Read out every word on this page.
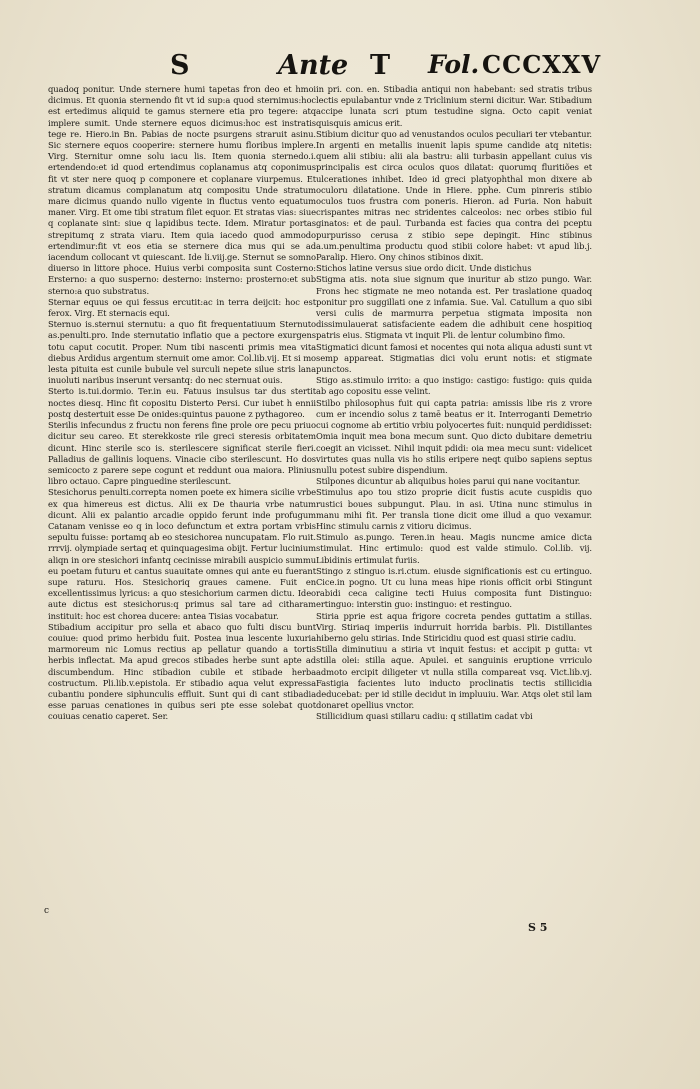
S	Ante T Fol. CCCXXV

quadoq ponitur. Unde sternere humi tapetas fron deo et hmoi dicimus. Et quonia sternendo fit vt id sup:a quod sternimus:hoc est ertedimus aliquid te gamus sternere etia pro tegere: atq implere sumit. Unde sternere equos dicimus:hoc est instratis tege re. Hiero.in Bn. Pabias de nocte psurgens straruit asinu. Sic sternere equos cooperire: sternere humu floribus implere. Virg. Sternitur omne solu iacu lis. Item quonia sternedo.i. ertendendo:et id quod ertendimus coplanamus atq coponimus fit vt ster nere quoq p componere et coplanare viurpemus. Et stratum dicamus complanatum atq compositu Unde stratum mare dicimus quando nullo vigente in fluctus vento equatum maner. Virg. Et ome tibi stratum filet equor. Et stratas vias: siue q coplanate sint: siue q lapidibus tecte. Idem. Miratur portas strepitumq z strata viaru. Item quia iacedo quod ammodo ertendimur:fit vt eos etia se sternere dica mus qui se ad iacendum collocant vt quiescant. Ide li.viij.ge. Sternut se somno diuerso in littore phoce. Huius verbi composita sunt Costerno: Ersterno: a quo susperno: desterno: insterno: prosterno:et sub sterno:a quo substratus.

Sternar equus oe qui fessus ercutit:ac in terra deijcit: hoc est ferox. Virg. Et sternacis equi.

Sternuo is.sternui sternutu: a quo fit frequentatiuum Sternuto as.penulti.pro. Inde sternutatio inflatio que a pectore exurgens totu caput cocutit. Proper. Num tibi nascenti primis mea vita diebus Ardidus argentum sternuit ome amor. Col.lib.vij. Et si mo lesta pituita est cunile bubule vel surculi nepete silue stris lana inuoluti naribus inserunt versantq: do nec sternuat ouis.

Sterto is.tui.dormio. Ter.in eu. Fatuus insulsus tar dus stertit noctes diesq. Hinc fit copositu Disterto Persi. Cur iubet h ennii postq destertuit esse De onides:quintus pauone z pythagoreo.

Sterilis infecundus z fructu non ferens fine prole ore pecu priuo dicitur seu careo. Et sterekkoste rile greci steresis orbitatem dicunt. Hinc sterile sco is. sterilescere significat sterile fieri. Palladius de gallinis loquens. Vinacie cibo sterilescunt. Ho dos semicocto z parere sepe cogunt et reddunt oua maiora. Plinius libro octauo. Capre pinguedine sterilescunt.

Stesichorus penulti.correpta nomen poete ex himera sicilie vrbe ex qua himereus est dictus. Alii ex De thauria vrbe natum dicunt. Alii ex palantio arcadie oppido ferunt inde profugum Catanam venisse eo q in loco defunctum et extra portam vrbis sepultu fuisse: portamq ab eo stesichorea nuncupatam. Flo ruit. rrrvij. olympiade sertaq et quinquagesima obijt. Fertur lucinium aliqn in ore stesichori infantq cecinisse mirabili auspicio summu eu poetam futuru et cantus suauitate omnes qui ante eu fuerant supe raturu. Hos. Stesichoriq graues camene. Fuit en excellentissimus lyricus: a quo stesichorium carmen dictu. Ideo aute dictus est stesichorus:q primus sal tare ad citharam instituit: hoc est chorea ducere: antea Tisias vocabatur.

Stibadium accipitur pro sella et abaco quo fulti discu bunt couiue: quod primo herbidu fuit. Postea inua lescente luxuria marmoreum nic Lomus rectius ap pellatur quando a tortis herbis inflectat. Ma apud grecos stibades herbe sunt apte ad discumbendum. Hinc stibadion cubile et stibade herba costructum. Pli.lib.v.epistola. Er stibadio aqua velut expressa cubantiu pondere siphunculis effluit. Sunt qui di cant stibadia esse paruas cenationes in quibus seri pte esse solebat quot couiuas cenatio caperet. Ser.

in pri. con. en. Stibadia antiqui non habebant: sed stratis tribus lectis epulabantur vnde z Triclinium sterni dicitur. War. Stibadium accipe lunata scri ptum testudine signa. Octo capit veniat quisquis amicus erit.

Stibium dicitur quo ad venustandos oculos peculiari ter vtebantur. In argenti en metallis inuenit lapis spume candide atq nitetis: quem alii stibiu: alii ala bastru: alii turbasin appellant cuius vis principalis est circa oculos quos dilatat: quorumq fluritiões et ulcerationes inhibet. Ideo id greci platyophthal mon dixere ab oculoru dilatatione. Unde in Hiere. pphe. Cum pinreris stibio oculos tuos frustra com poneris. Hieron. ad Furia. Non habuit crispantes mitras nec stridentes calceolos: nec orbes stibio ful ginatos: et de paul. Turbanda est facies qua contra dei pceptu purpurisso cerusa z stibio sepe depingit. Hinc stibinus a.um.penultima productu quod stibii colore habet: vt apud lib.j. Paralip. Hiero. Ony chinos stibinos dixit.

Stichos latine versus siue ordo dicit. Unde distichus

Stigma atis. nota siue signum que inuritur ab stizo pungo. War. Frons hec stigmate ne meo notanda est. Per traslatione quadoq ponitur pro suggillati one z infamia. Sue. Val. Catullum a quo sibi versi culis de marmurra perpetua stigmata imposita non dissimulauerat satisfaciente eadem die adhibuit cene hospitioq patris eius. Stigmata vt inquit Pli. de lentur columbino fimo.

Stigmatici dicunt famosi et nocentes qui nota aliqua adusti sunt vt semp appareat. Stigmatias dici volu erunt notis: et stigmate punctos.

Stigo as.stimulo irrito: a quo instigo: castigo: fustigo: quis quida ab ago copositu esse velint.

Stilbo philosophus fuit qui capta patria: amissis libe ris z vrore cum er incendio solus z tamē beatus er it. Interroganti Demetrio cui cognome ab ertitio vrbiu polyocertes fuit: nunquid perdidisset: Omia inquit mea bona mecum sunt. Quo dicto dubitare demetriu coegit an vicisset. Nihil inquit pdidi: oia mea mecu sunt: videlicet virtutes quas nulla vis ho stilis eripere neqt quibo sapiens septus nullu potest subire dispendium.

Stilpones dicuntur ab aliquibus hoies parui qui nane vocitantur.

Stimulus apo tou stizo proprie dicit fustis acute cuspidis quo rustici boues subpungut. Plau. in asi. Utina nunc stimulus in manu mihi fit. Per transla tione dicit ome illud a quo vexamur. Hinc stimulu carnis z vitioru dicimus.

Stimulo as.pungo. Teren.in heau. Magis nuncme amice dicta stimulat. Hinc ertimulo: quod est valde stimulo. Col.lib. vij. Libidinis ertimulat furiis.

Stingo z stinguo is.ri.ctum. eiusde significationis est cu ertinguo. Cice.in pogno. Ut cu luna meas hipe rionis officit orbi Stingunt rabidi ceca caligine tecti Huius composita funt Distinguo: ertinguo: interstin guo: instinguo: et restinguo.

Stiria pprie est aqua frigore cocreta pendes guttatim a stillas. Virg. Stiriaq imperiis indurruit horrida barbis. Pli. Distillantes hiberno gelu stirias. Inde Stiricidiu quod est quasi stirie cadiu.

Stilla diminutiuu a stiria vt inquit festus: et accipit p gutta: vt stilla olei: stilla aque. Apulei. et sanguinis eruptione vrriculo admoto ercipit diligeter vt nulla stilla compareat vsq. Vict.lib.vj. Fastigia facientes luto inducto proclinatis tectis stillicidia deducebat: per id stille decidut in impluuiu. War. Atqs olet stil lam donaret opellius vnctor.

Stillicidium quasi stillaru cadiu: q stillatim cadat vbi

c
S 5
